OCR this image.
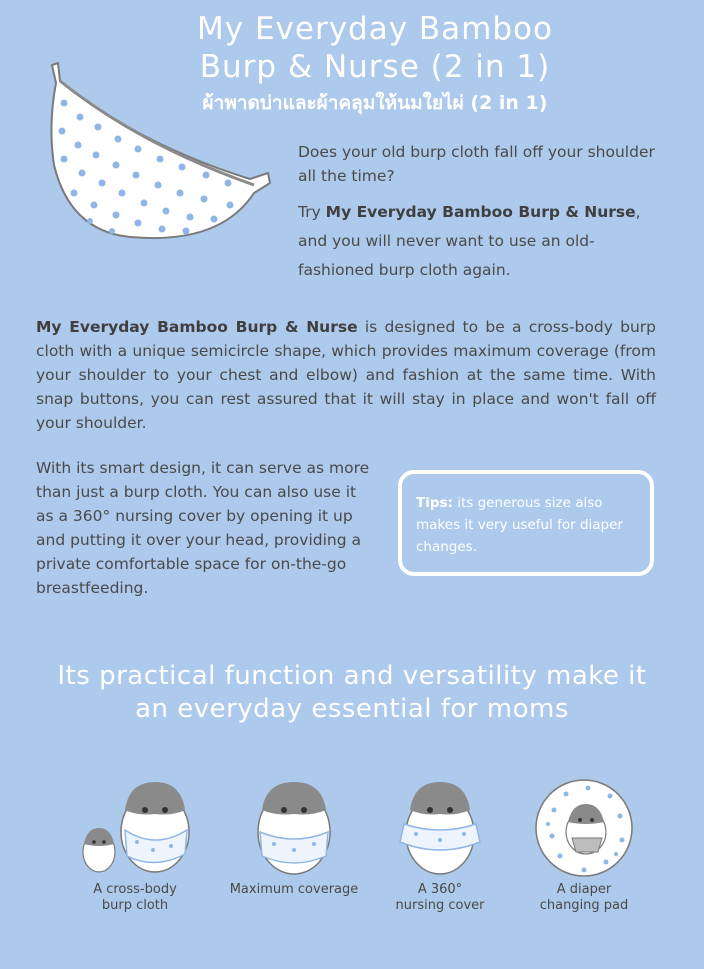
My Everyday Bamboo
Burp & Nurse (2 in 1)
ผ้าพาดบ่าและผ้าคลุมให้นมใยไผ่ (2 in 1)

Does your old burp cloth fall off your shoulder all the time?

Try My Everyday Bamboo Burp & Nurse, and you will never want to use an old-fashioned burp cloth again.

My Everyday Bamboo Burp & Nurse is designed to be a cross-body burp cloth with a unique semicircle shape, which provides maximum coverage (from your shoulder to your chest and elbow) and fashion at the same time. With snap buttons, you can rest assured that it will stay in place and won't fall off your shoulder.

With its smart design, it can serve as more than just a burp cloth. You can also use it as a 360° nursing cover by opening it up and putting it over your head, providing a private comfortable space for on-the-go breastfeeding.

Tips: its generous size also makes it very useful for diaper changes.

Its practical function and versatility make it
an everyday essential for moms

A cross-body
burp cloth
Maximum coverage	A 360°
nursing cover
A diaper
changing pad
